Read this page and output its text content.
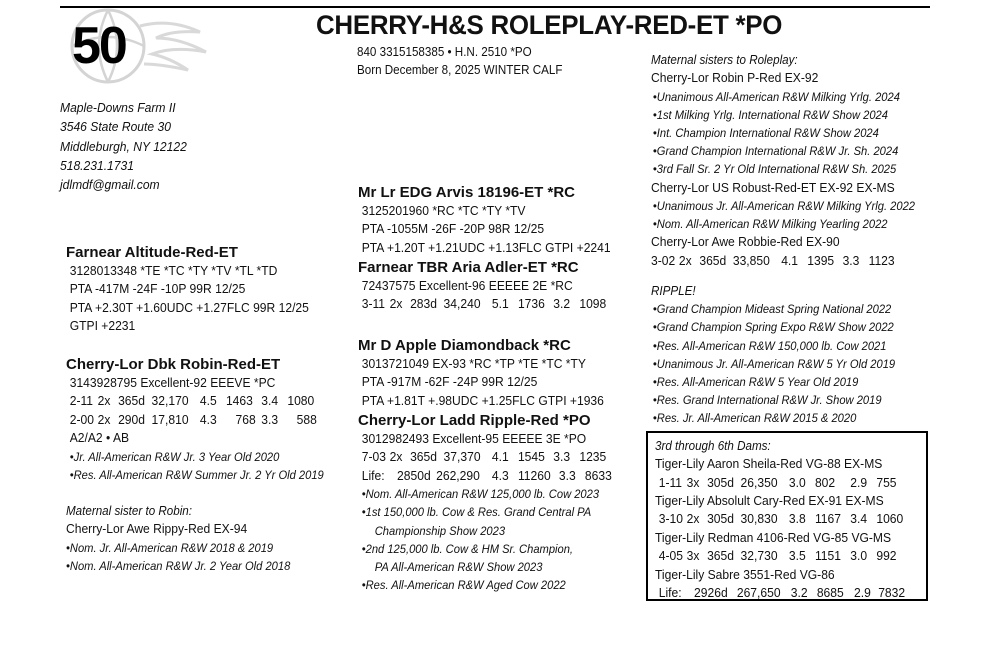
50	CHERRY-H&S ROLEPLAY-RED-ET *PO
840 3315158385 • H.N. 2510 *PO
Born December 8, 2025 WINTER CALF
Maple-Downs Farm II
3546 State Route 30
Middleburgh, NY 12122
518.231.1731
jdlmdf@gmail.com
Farnear Altitude-Red-ET
3128013348 *TE *TC *TY *TV *TL *TD
PTA -417M -24F -10P 99R 12/25
PTA +2.30T +1.60UDC +1.27FLC 99R 12/25
GTPI +2231
Cherry-Lor Dbk Robin-Red-ET
3143928795 Excellent-92 EEEVE *PC
2-11 2x 365d 32,170 4.5 1463 3.4 1080
2-00 2x 290d 17,810 4.3	768 3.3	588
A2/A2 • AB
•Jr. All-American R&W Jr. 3 Year Old 2020
•Res. All-American R&W Summer Jr. 2 Yr Old 2019
Maternal sister to Robin:
Cherry-Lor Awe Rippy-Red EX-94
•Nom. Jr. All-American R&W 2018 & 2019
•Nom. All-American R&W Jr. 2 Year Old 2018
Mr Lr EDG Arvis 18196-ET *RC
3125201960 *RC *TC *TY *TV
PTA -1055M -26F -20P 98R 12/25
PTA +1.20T +1.21UDC +1.13FLC GTPI +2241
Farnear TBR Aria Adler-ET *RC
72437575 Excellent-96 EEEEE 2E *RC
3-11 2x 283d 34,240 5.1 1736 3.2 1098
Mr D Apple Diamondback *RC
3013721049 EX-93 *RC *TP *TE *TC *TY
PTA -917M -62F -24P 99R 12/25
PTA +1.81T +.98UDC +1.25FLC GTPI +1936
Cherry-Lor Ladd Ripple-Red *PO
3012982493 Excellent-95 EEEEE 3E *PO
7-03 2x 365d 37,370 4.1 1545 3.3 1235
Life: 2850d 262,290 4.3 11260 3.3 8633
•Nom. All-American R&W 125,000 lb. Cow 2023
•1st 150,000 lb. Cow & Res. Grand Central PA
Championship Show 2023
•2nd 125,000 lb. Cow & HM Sr. Champion,
PA All-American R&W Show 2023
•Res. All-American R&W Aged Cow 2022
Maternal sisters to Roleplay:
Cherry-Lor Robin P-Red EX-92
•Unanimous All-American R&W Milking Yrlg. 2024
•1st Milking Yrlg. International R&W Show 2024
•Int. Champion International R&W Show 2024
•Grand Champion International R&W Jr. Sh. 2024
•3rd Fall Sr. 2 Yr Old International R&W Sh. 2025
Cherry-Lor US Robust-Red-ET EX-92 EX-MS
•Unanimous Jr. All-American R&W Milking Yrlg. 2022
•Nom. All-American R&W Milking Yearling 2022
Cherry-Lor Awe Robbie-Red EX-90
3-02 2x 365d 33,850 4.1 1395 3.3 1123
RIPPLE!
•Grand Champion Mideast Spring National 2022
•Grand Champion Spring Expo R&W Show 2022
•Res. All-American R&W 150,000 lb. Cow 2021
•Unanimous Jr. All-American R&W 5 Yr Old 2019
•Res. All-American R&W 5 Year Old 2019
•Res. Grand International R&W Jr. Show 2019
•Res. Jr. All-American R&W 2015 & 2020
3rd through 6th Dams:
Tiger-Lily Aaron Sheila-Red VG-88 EX-MS
1-11 3x 305d 26,350 3.0 802	2.9 755
Tiger-Lily Absolult Cary-Red EX-91 EX-MS
3-10 2x 305d 30,830 3.8 1167 3.4 1060
Tiger-Lily Redman 4106-Red VG-85 VG-MS
4-05 3x 365d 32,730 3.5 1151 3.0 992
Tiger-Lily Sabre 3551-Red VG-86
Life: 2926d 267,650 3.2 8685 2.9 7832
